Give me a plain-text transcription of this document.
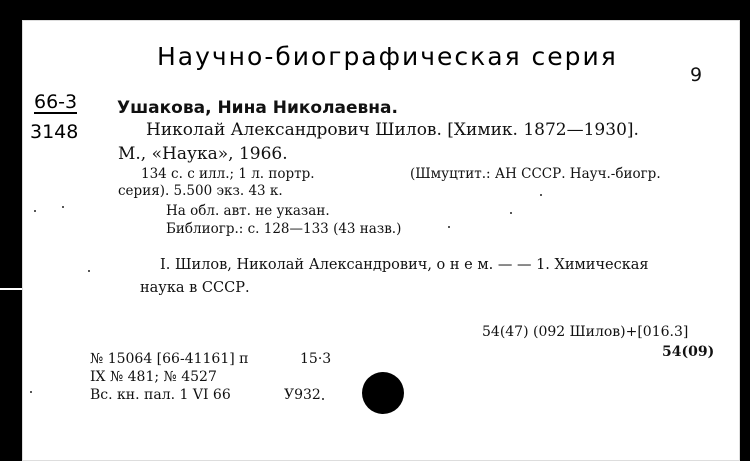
Научно-биографическая серия
9
66-3
3148
Ушакова, Нина Николаевна.
Николай Александрович Шилов. [Химик. 1872—1930].
М., «Наука», 1966.
134 с. с илл.; 1 л. портр.	(Шмуцтит.: АН СССР. Науч.-биогр.
серия). 5.500 экз. 43 к.
На обл. авт. не указан.
Библиогр.: с. 128—133 (43 назв.)
I. Шилов, Николай Александрович, о н е м. — — 1. Химическая
наука в СССР.
54(47) (092 Шилов)+[016.3]
54(09)
№ 15064 [66-41161] п	15·3
IX № 481; № 4527
Вс. кн. пал. 1 VI 66	У932
